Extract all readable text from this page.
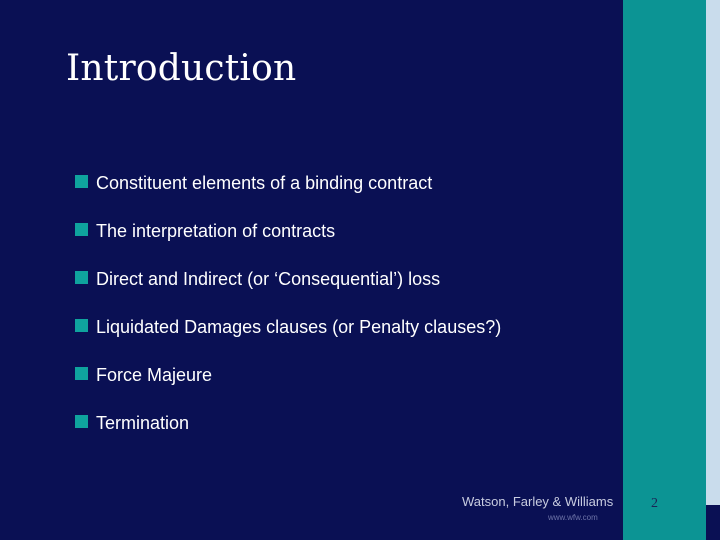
Introduction
Constituent elements of a binding contract
The interpretation of contracts
Direct and Indirect (or ‘Consequential’) loss
Liquidated Damages clauses (or Penalty clauses?)
Force Majeure
Termination
Watson, Farley & Williams
www.wfw.com
2
